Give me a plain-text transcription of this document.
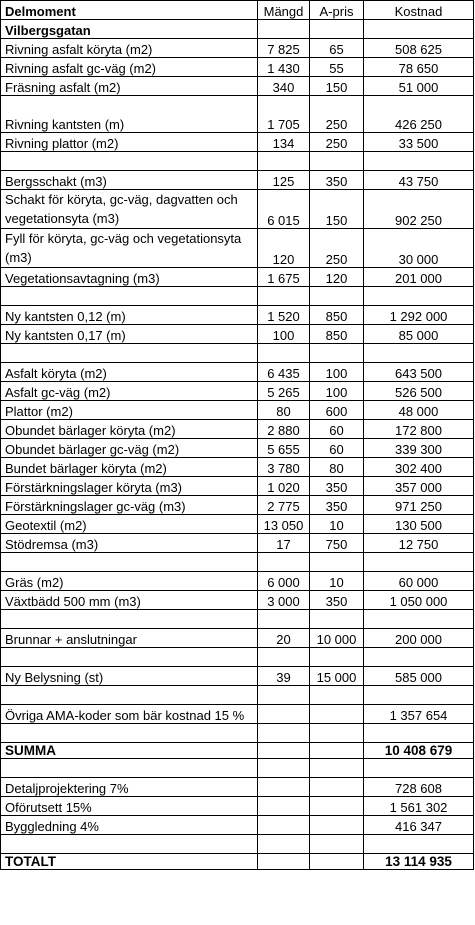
Delmoment	Mängd	A-pris	Kostnad
Vilbergsgatan			
Rivning asfalt köryta (m2)	7 825	65	508 625
Rivning asfalt gc-väg (m2)	1 430	55	78 650
Fräsning asfalt (m2)	340	150	51 000
Rivning kantsten (m)	1 705	250	426 250
Rivning plattor (m2)	134	250	33 500

Bergsschakt (m3)	125	350	43 750
Schakt för köryta, gc-väg, dagvatten och vegetationsyta (m3)	6 015	150	902 250
Fyll för köryta, gc-väg och vegetationsyta (m3)	120	250	30 000
Vegetationsavtagning (m3)	1 675	120	201 000

Ny kantsten 0,12 (m)	1 520	850	1 292 000
Ny kantsten 0,17 (m)	100	850	85 000

Asfalt köryta (m2)	6 435	100	643 500
Asfalt gc-väg (m2)	5 265	100	526 500
Plattor (m2)	80	600	48 000
Obundet bärlager köryta (m2)	2 880	60	172 800
Obundet bärlager gc-väg (m2)	5 655	60	339 300
Bundet bärlager köryta (m2)	3 780	80	302 400
Förstärkningslager köryta (m3)	1 020	350	357 000
Förstärkningslager gc-väg (m3)	2 775	350	971 250
Geotextil (m2)	13 050	10	130 500
Stödremsa (m3)	17	750	12 750

Gräs (m2)	6 000	10	60 000
Växtbädd 500 mm (m3)	3 000	350	1 050 000

Brunnar + anslutningar	20	10 000	200 000

Ny Belysning (st)	39	15 000	585 000

Övriga AMA-koder som bär kostnad 15 %			1 357 654

SUMMA			10 408 679

Detaljprojektering 7%			728 608
Oförutsett 15%			1 561 302
Byggledning 4%			416 347

TOTALT			13 114 935
